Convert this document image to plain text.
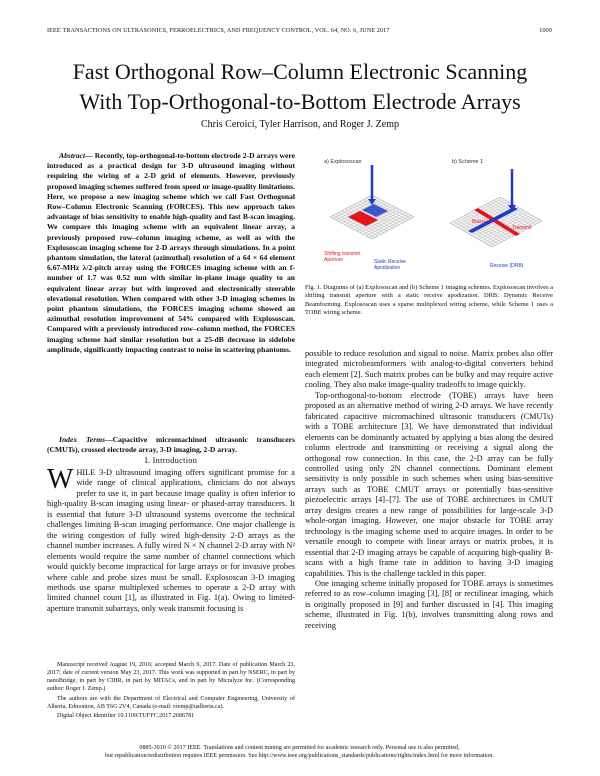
IEEE TRANSACTIONS ON ULTRASONICS, FERROELECTRICS, AND FREQUENCY CONTROL, VOL. 64, NO. 6, JUNE 2017	1009
Fast Orthogonal Row–Column Electronic Scanning
With Top-Orthogonal-to-Bottom Electrode Arrays
Chris Ceroici, Tyler Harrison, and Roger J. Zemp
Abstract— Recently, top-orthogonal-to-bottom electrode 2-D arrays were introduced as a practical design for 3-D ultrasound imaging without requiring the wiring of a 2-D grid of elements. However, previously proposed imaging schemes suffered from speed or image-quality limitations. Here, we propose a new imaging scheme which we call Fast Orthogonal Row–Column Electronic Scanning (FORCES). This new approach takes advantage of bias sensitivity to enable high-quality and fast B-scan imaging. We compare this imaging scheme with an equivalent linear array, a previously proposed row–column imaging scheme, as well as with the Explososcan imaging scheme for 2-D arrays through simulations. In a point phantom simulation, the lateral (azimuthal) resolution of a 64 × 64 element 6.67-MHz λ/2-pitch array using the FORCES imaging scheme with an f-number of 1.7 was 0.52 mm with similar in-plane image quality to an equivalent linear array but with improved and electronically steerable elevational resolution. When compared with other 3-D imaging schemes in point phantom simulations, the FORCES imaging scheme showed an azimuthal resolution improvement of 54% compared with Explososcan. Compared with a previously introduced row–column method, the FORCES imaging scheme had similar resolution but a 25-dB decrease in sidelobe amplitude, significantly impacting contrast to noise in scattering phantoms.
Index Terms—Capacitive micromachined ultrasonic transducers (CMUTs), crossed electrode array, 3-D imaging, 2-D array.
I. Introduction
WHILE 3-D ultrasound imaging offers significant promise for a wide range of clinical applications, clinicians do not always prefer to use it, in part because image quality is often inferior to high-quality B-scan imaging using linear- or phased-array transducers. It is essential that future 3-D ultrasound systems overcome the technical challenges limiting B-scan imaging performance. One major challenge is the wiring congestion of fully wired high-density 2-D arrays as the channel number increases. A fully wired N × N channel 2-D array with N² elements would require the same number of channel connections which would quickly become impractical for large arrays or for invasive probes where cable and probe sizes must be small. Explososcan 3-D imaging methods use sparse multiplexed schemes to operate a 2-D array with limited channel count [1], as illustrated in Fig. 1(a). Owing to limited-aperture transmit subarrays, only weak transmit focusing is

Manuscript received August 19, 2016; accepted March 9, 2017. Date of publication March 23, 2017; date of current version May 23, 2017. This work was supported in part by NSERC, in part by nanoBridge, in part by CIHR, in part by MITACs, and in part by Micralyze Inc. (Corresponding author: Roger J. Zemp.)

The authors are with the Department of Electrical and Computer Engineering, University of Alberta, Edmonton, AB T6G 2V4, Canada (e-mail: rzemp@ualberta.ca).

Digital Object Identifier 10.1109/TUFFC.2017.2686781

a) Explososcan
Shifting transmit
Aperture	Static Receive
Apodization
b) Scheme 1
Bias(+/-)
Transmit
Receive (DRB)
Fig. 1. Diagrams of (a) Explososcan and (b) Scheme 1 imaging schemes. Explososcan involves a shifting transmit aperture with a static receive apodization. DRB: Dynamic Receive Beamforming. Explososcan uses a sparse multiplexed wiring scheme, while Scheme 1 uses a TOBE wiring scheme.

possible to reduce resolution and signal to noise. Matrix probes also offer integrated microbeamformers with analog-to-digital converters behind each element [2]. Such matrix probes can be bulky and may require active cooling. They also make image-quality tradeoffs to image quickly.

Top-orthogonal-to-bottom electrode (TOBE) arrays have been proposed as an alternative method of wiring 2-D arrays. We have recently fabricated capacitive micromachined ultrasonic transducers (CMUTs) with a TOBE architecture [3]. We have demonstrated that individual elements can be dominantly actuated by applying a bias along the desired column electrode and transmitting or receiving a signal along the orthogonal row connection. In this case, the 2-D array can be fully controlled using only 2N channel connections. Dominant element sensitivity is only possible in such schemes when using bias-sensitive arrays such as TOBE CMUT arrays or potentially bias-sensitive piezoelectric arrays [4]–[7]. The use of TOBE architectures in CMUT array designs creates a new range of possibilities for large-scale 3-D whole-organ imaging. However, one major obstacle for TOBE array technology is the imaging scheme used to acquire images. In order to be versatile enough to compete with linear arrays or matrix probes, it is essential that 2-D imaging arrays be capable of acquiring high-quality B-scans with a high frame rate in addition to having 3-D imaging capabilities. This is the challenge tackled in this paper.

One imaging scheme initially proposed for TOBE arrays is sometimes referred to as row–column imaging [3], [8] or rectilinear imaging, which is originally proposed in [9] and further discussed in [4]. This imaging scheme, illustrated in Fig. 1(b), involves transmitting along rows and receiving

0885-3010 © 2017 IEEE. Translations and content mining are permitted for academic research only. Personal use is also permitted,
but republication/redistribution requires IEEE permission. See http://www.ieee.org/publications_standards/publications/rights/index.html for more information.
